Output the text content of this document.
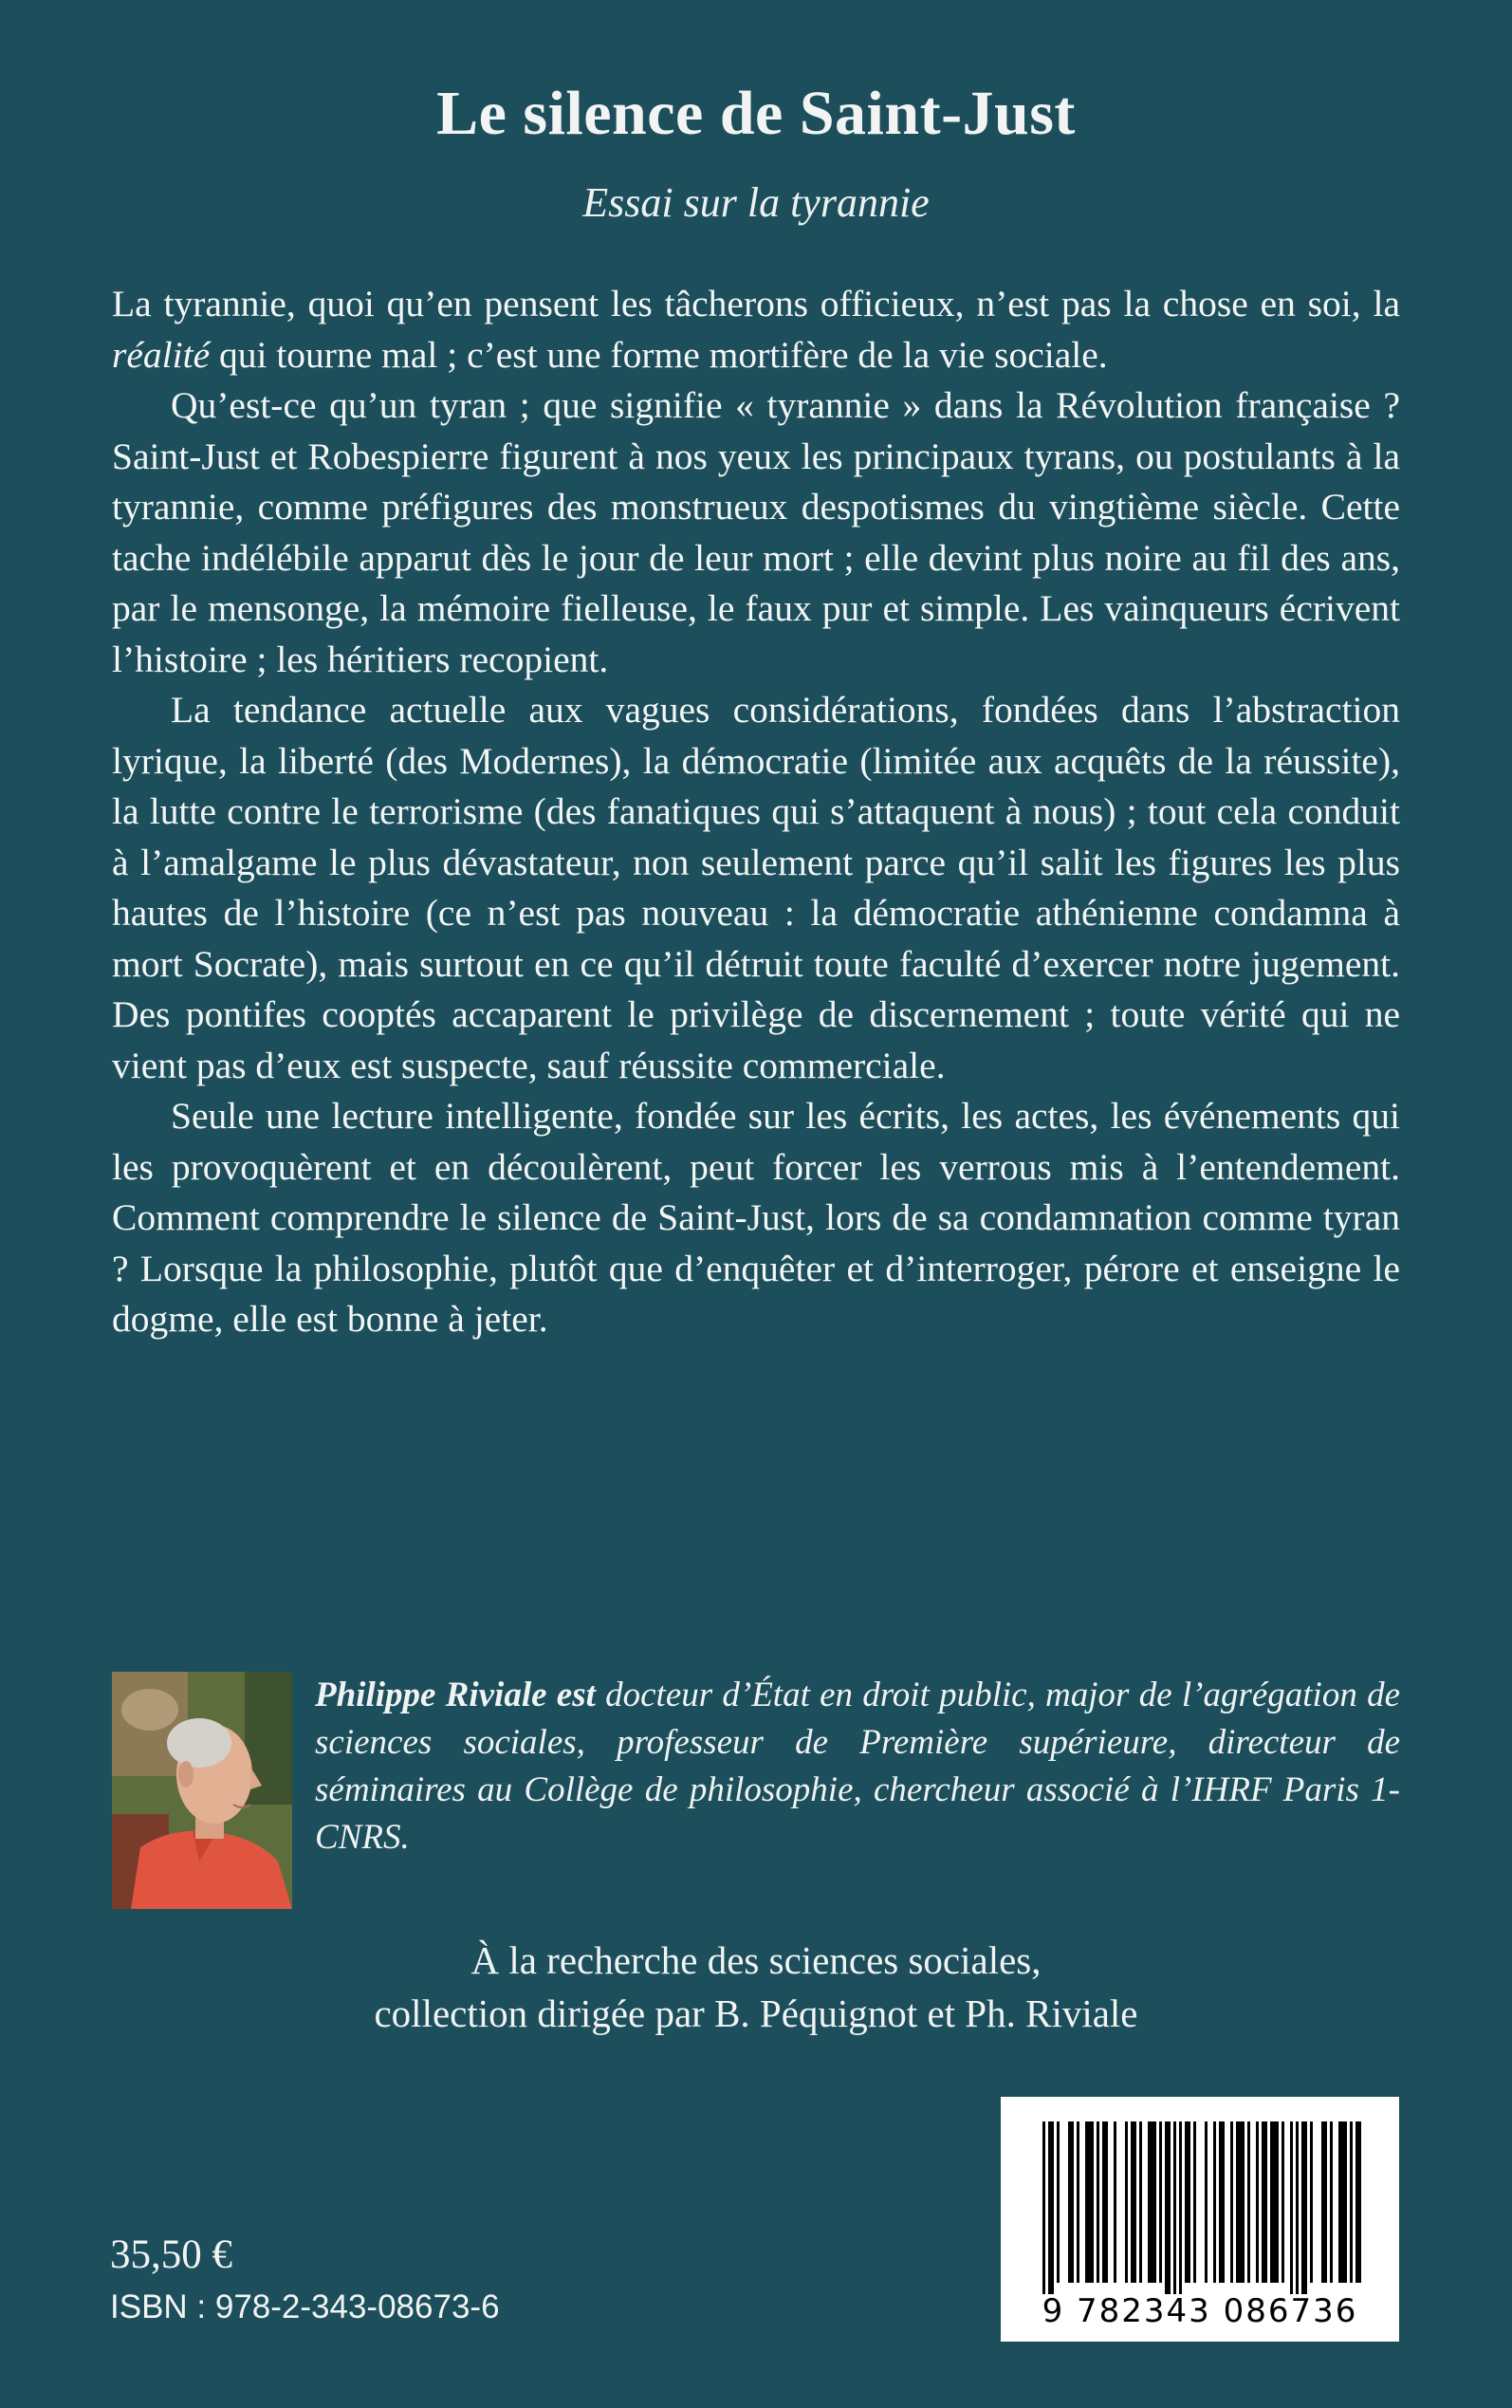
Le silence de Saint-Just
Essai sur la tyrannie

La tyrannie, quoi qu’en pensent les tâcherons officieux, n’est pas la chose en soi, la réalité qui tourne mal ; c’est une forme mortifère de la vie sociale.

Qu’est-ce qu’un tyran ; que signifie « tyrannie » dans la Révolution française ? Saint-Just et Robespierre figurent à nos yeux les principaux tyrans, ou postulants à la tyrannie, comme préfigures des monstrueux despotismes du vingtième siècle. Cette tache indélébile apparut dès le jour de leur mort ; elle devint plus noire au fil des ans, par le mensonge, la mémoire fielleuse, le faux pur et simple. Les vainqueurs écrivent l’histoire ; les héritiers recopient.

La tendance actuelle aux vagues considérations, fondées dans l’abstraction lyrique, la liberté (des Modernes), la démocratie (limitée aux acquêts de la réussite), la lutte contre le terrorisme (des fanatiques qui s’attaquent à nous) ; tout cela conduit à l’amalgame le plus dévastateur, non seulement parce qu’il salit les figures les plus hautes de l’histoire (ce n’est pas nouveau : la démocratie athénienne condamna à mort Socrate), mais surtout en ce qu’il détruit toute faculté d’exercer notre jugement. Des pontifes cooptés accaparent le privilège de discernement ; toute vérité qui ne vient pas d’eux est suspecte, sauf réussite commerciale.

Seule une lecture intelligente, fondée sur les écrits, les actes, les événements qui les provoquèrent et en découlèrent, peut forcer les verrous mis à l’entendement. Comment comprendre le silence de Saint-Just, lors de sa condamnation comme tyran ? Lorsque la philosophie, plutôt que d’enquêter et d’interroger, pérore et enseigne le dogme, elle est bonne à jeter.

Philippe Riviale est docteur d’État en droit public, major de l’agrégation de sciences sociales, professeur de Première supérieure, directeur de séminaires au Collège de philosophie, chercheur associé à l’IHRF Paris 1-CNRS.
À la recherche des sciences sociales,
collection dirigée par B. Péquignot et Ph. Riviale
9 782343 086736
35,50 €
ISBN : 978-2-343-08673-6
